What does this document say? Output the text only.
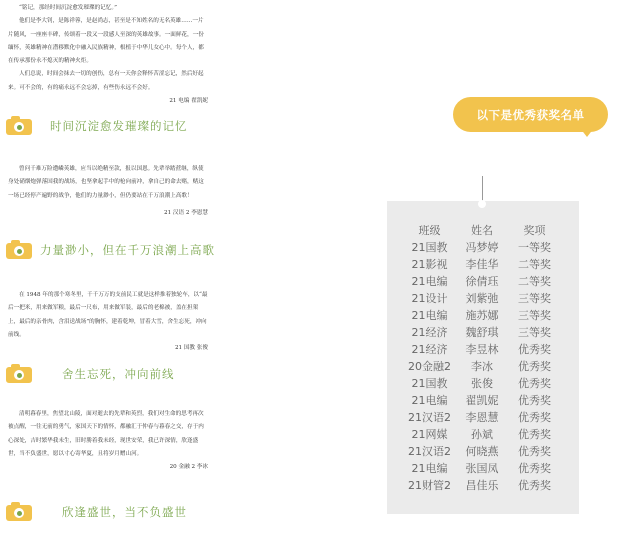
“铭记，那经时间沉淀愈发璀璨的记忆。”

他们是李大钊，是陈祥蓉，是赵尚志，甚至是不知姓名的无名英雄……一片片随风，一座座丰碑，传颂着一段又一段感人至深的英雄故事。一面鲜花，一份缅怀，英雄精神在潜移默化中融入民族精神，根植于中华儿女心中。每个人，都在传承那份永不熄灭的精神火炬。

人们总说，时间会抹去一切的创伤，总有一天你会释怀苦涩忘记，然后好起来。可不会的，有的痛永远不会忘掉，有些伤永远不会好。

21 电编 翟凯妮

时间沉淀愈发璀璨的记忆

曾问千难万险遭嶙英雄，应当以绝精至款，报以国恩。先辈举踏蔗继，纵使身处硝烟炮弹落国我的战场，也坚拿起手中的枪向前冲，拿自己的命去赌，赌这一场已经停产遍野的战争，他们的力量渺小，但仍要站在千万浪潮上高歌！

21 汉语 2 李恩慧

力量渺小，但在千万浪潮上高歌

在 1948 年的那个寒冬里，千千万万的支前民工就是这样推着独轮车，以“最后一把米，用来做军粮，最后一尺布，用来做军装，最后的老棉被，盖在担架上，最后的亲骨肉，含泪送战场”的胸怀，建着乾坤，冒着大雪，舍生忘死，冲向前线。

21 国教 张俊

舍生忘死，冲向前线

清明暮春里，焦望北山陵，面对逝去的先辈和英烈，我们对生命的思考再次被点醒，一往无前的勇气，家国天下的情怀，都融汇于仲春与暮春之交，存于内心深处，吉时繁华我未生，旧时勝着我未经，现世安荣，我已许深情，欣逢盛世，当不负盛世，愿以寸心寄华夏，且将岁月赠山河。

20 金融 2 李冰

欣逢盛世，当不负盛世
以下是优秀获奖名单
班级	姓名	奖项
21国教	冯梦婷	一等奖
21影视	李佳华	二等奖
21电编	徐倩珏	二等奖
21设计	刘紫弛	三等奖
21电编	施苏娜	三等奖
21经济	魏舒琪	三等奖
21经济	李昱林	优秀奖
20金融2	李冰	优秀奖
21国教	张俊	优秀奖
21电编	翟凯妮	优秀奖
21汉语2	李恩慧	优秀奖
21网媒	孙斌	优秀奖
21汉语2	何晓燕	优秀奖
21电编	张国凤	优秀奖
21财管2	昌佳乐	优秀奖
